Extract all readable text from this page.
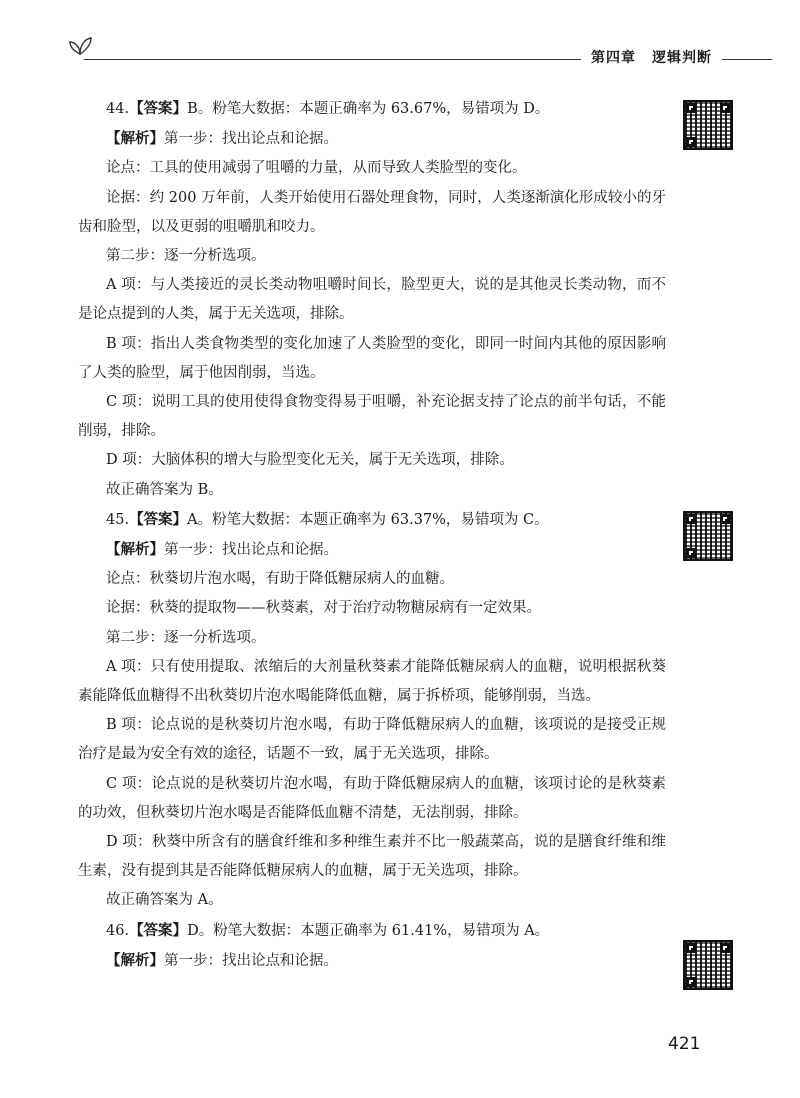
第四章 逻辑判断

44.【答案】B。粉笔大数据：本题正确率为 63.67%，易错项为 D。

【解析】第一步：找出论点和论据。

论点：工具的使用减弱了咀嚼的力量，从而导致人类脸型的变化。

论据：约 200 万年前，人类开始使用石器处理食物，同时，人类逐渐演化形成较小的牙齿和脸型，以及更弱的咀嚼肌和咬力。

第二步：逐一分析选项。

A 项：与人类接近的灵长类动物咀嚼时间长，脸型更大，说的是其他灵长类动物，而不是论点提到的人类，属于无关选项，排除。

B 项：指出人类食物类型的变化加速了人类脸型的变化，即同一时间内其他的原因影响了人类的脸型，属于他因削弱，当选。

C 项：说明工具的使用使得食物变得易于咀嚼，补充论据支持了论点的前半句话，不能削弱，排除。

D 项：大脑体积的增大与脸型变化无关，属于无关选项，排除。

故正确答案为 B。

45.【答案】A。粉笔大数据：本题正确率为 63.37%，易错项为 C。

【解析】第一步：找出论点和论据。

论点：秋葵切片泡水喝，有助于降低糖尿病人的血糖。

论据：秋葵的提取物——秋葵素，对于治疗动物糖尿病有一定效果。

第二步：逐一分析选项。

A 项：只有使用提取、浓缩后的大剂量秋葵素才能降低糖尿病人的血糖，说明根据秋葵素能降低血糖得不出秋葵切片泡水喝能降低血糖，属于拆桥项，能够削弱，当选。

B 项：论点说的是秋葵切片泡水喝，有助于降低糖尿病人的血糖，该项说的是接受正规治疗是最为安全有效的途径，话题不一致，属于无关选项，排除。

C 项：论点说的是秋葵切片泡水喝，有助于降低糖尿病人的血糖，该项讨论的是秋葵素的功效，但秋葵切片泡水喝是否能降低血糖不清楚，无法削弱，排除。

D 项：秋葵中所含有的膳食纤维和多种维生素并不比一般蔬菜高，说的是膳食纤维和维生素，没有提到其是否能降低糖尿病人的血糖，属于无关选项，排除。

故正确答案为 A。

46.【答案】D。粉笔大数据：本题正确率为 61.41%，易错项为 A。

【解析】第一步：找出论点和论据。

421
